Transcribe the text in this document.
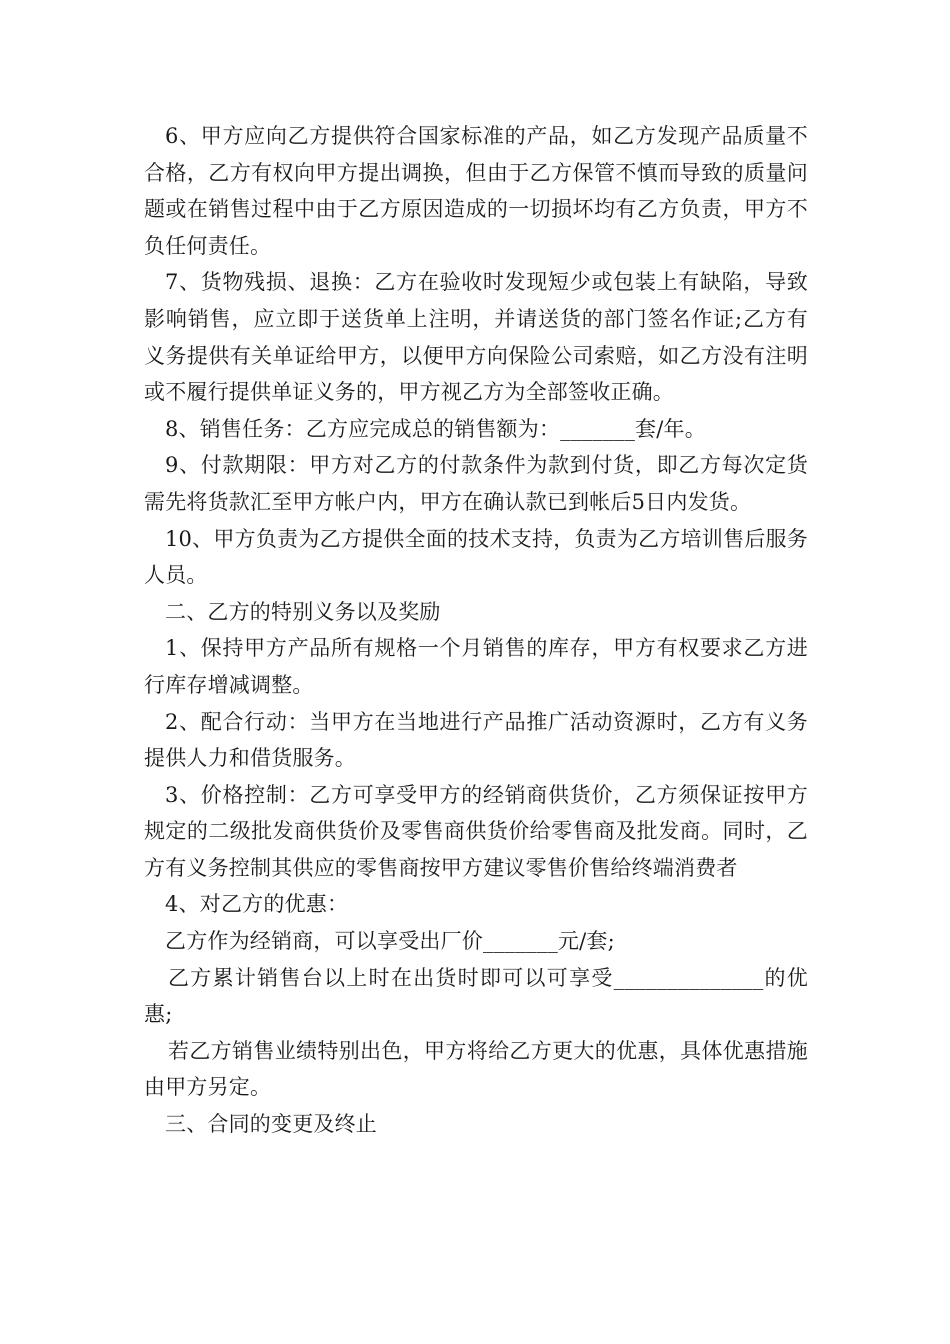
6、甲方应向乙方提供符合国家标准的产品，如乙方发现产品质量不合格，乙方有权向甲方提出调换，但由于乙方保管不慎而导致的质量问题或在销售过程中由于乙方原因造成的一切损坏均有乙方负责，甲方不负任何责任。

7、货物残损、退换：乙方在验收时发现短少或包装上有缺陷，导致影响销售，应立即于送货单上注明，并请送货的部门签名作证;乙方有义务提供有关单证给甲方，以便甲方向保险公司索赔，如乙方没有注明或不履行提供单证义务的，甲方视乙方为全部签收正确。

8、销售任务：乙方应完成总的销售额为：_______套/年。

9、付款期限：甲方对乙方的付款条件为款到付货，即乙方每次定货需先将货款汇至甲方帐户内，甲方在确认款已到帐后5日内发货。

10、甲方负责为乙方提供全面的技术支持，负责为乙方培训售后服务人员。

二、乙方的特别义务以及奖励

1、保持甲方产品所有规格一个月销售的库存，甲方有权要求乙方进行库存增减调整。

2、配合行动：当甲方在当地进行产品推广活动资源时，乙方有义务提供人力和借货服务。

3、价格控制：乙方可享受甲方的经销商供货价，乙方须保证按甲方规定的二级批发商供货价及零售商供货价给零售商及批发商。同时，乙方有义务控制其供应的零售商按甲方建议零售价售给终端消费者

4、对乙方的优惠：

乙方作为经销商，可以享受出厂价_______元/套;

乙方累计销售台以上时在出货时即可以可享受______________的优惠;

若乙方销售业绩特别出色，甲方将给乙方更大的优惠，具体优惠措施由甲方另定。

三、合同的变更及终止
